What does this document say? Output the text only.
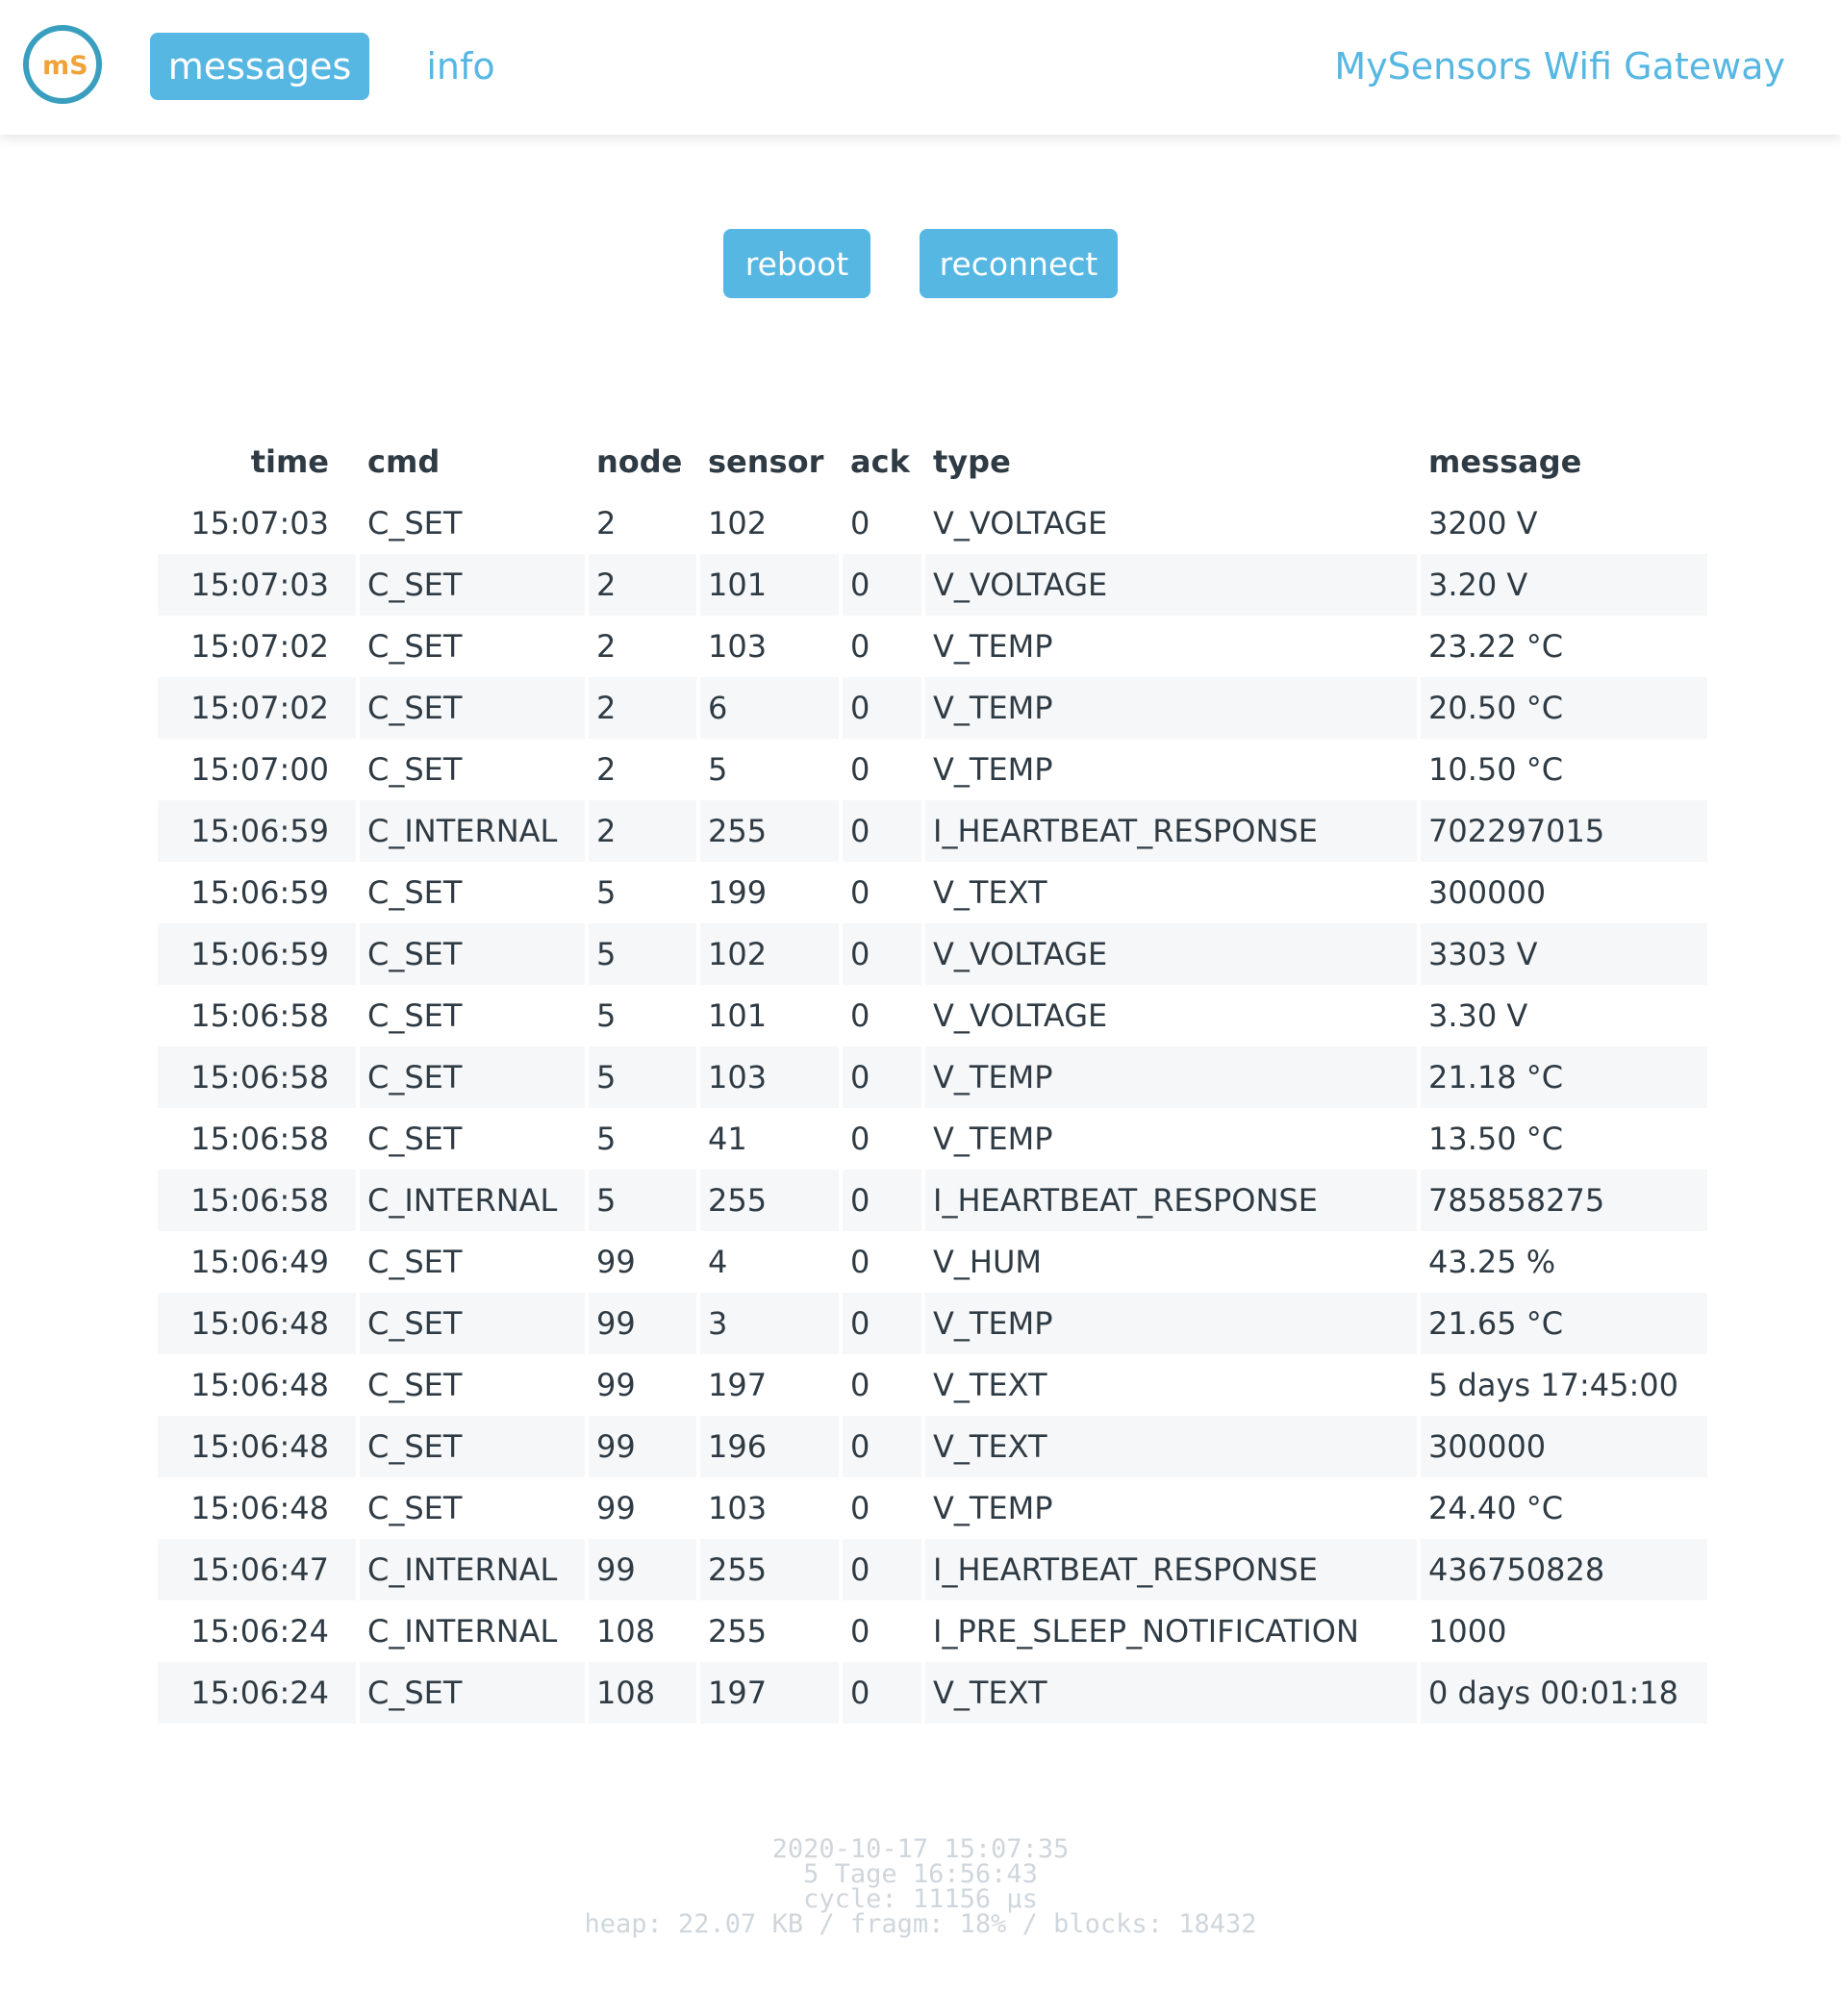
mS	messages	info	MySensors Wifi Gateway
reboot	reconnect
time	cmd	node	sensor	ack	type	message
15:07:03	C_SET	2	102	0	V_VOLTAGE	3200 V
15:07:03	C_SET	2	101	0	V_VOLTAGE	3.20 V
15:07:02	C_SET	2	103	0	V_TEMP	23.22 °C
15:07:02	C_SET	2	6	0	V_TEMP	20.50 °C
15:07:00	C_SET	2	5	0	V_TEMP	10.50 °C
15:06:59	C_INTERNAL	2	255	0	I_HEARTBEAT_RESPONSE	702297015
15:06:59	C_SET	5	199	0	V_TEXT	300000
15:06:59	C_SET	5	102	0	V_VOLTAGE	3303 V
15:06:58	C_SET	5	101	0	V_VOLTAGE	3.30 V
15:06:58	C_SET	5	103	0	V_TEMP	21.18 °C
15:06:58	C_SET	5	41	0	V_TEMP	13.50 °C
15:06:58	C_INTERNAL	5	255	0	I_HEARTBEAT_RESPONSE	785858275
15:06:49	C_SET	99	4	0	V_HUM	43.25 %
15:06:48	C_SET	99	3	0	V_TEMP	21.65 °C
15:06:48	C_SET	99	197	0	V_TEXT	5 days 17:45:00
15:06:48	C_SET	99	196	0	V_TEXT	300000
15:06:48	C_SET	99	103	0	V_TEMP	24.40 °C
15:06:47	C_INTERNAL	99	255	0	I_HEARTBEAT_RESPONSE	436750828
15:06:24	C_INTERNAL	108	255	0	I_PRE_SLEEP_NOTIFICATION	1000
15:06:24	C_SET	108	197	0	V_TEXT	0 days 00:01:18
2020-10-17 15:07:35
5 Tage 16:56:43
cycle: 11156 µs
heap: 22.07 KB / fragm: 18% / blocks: 18432
